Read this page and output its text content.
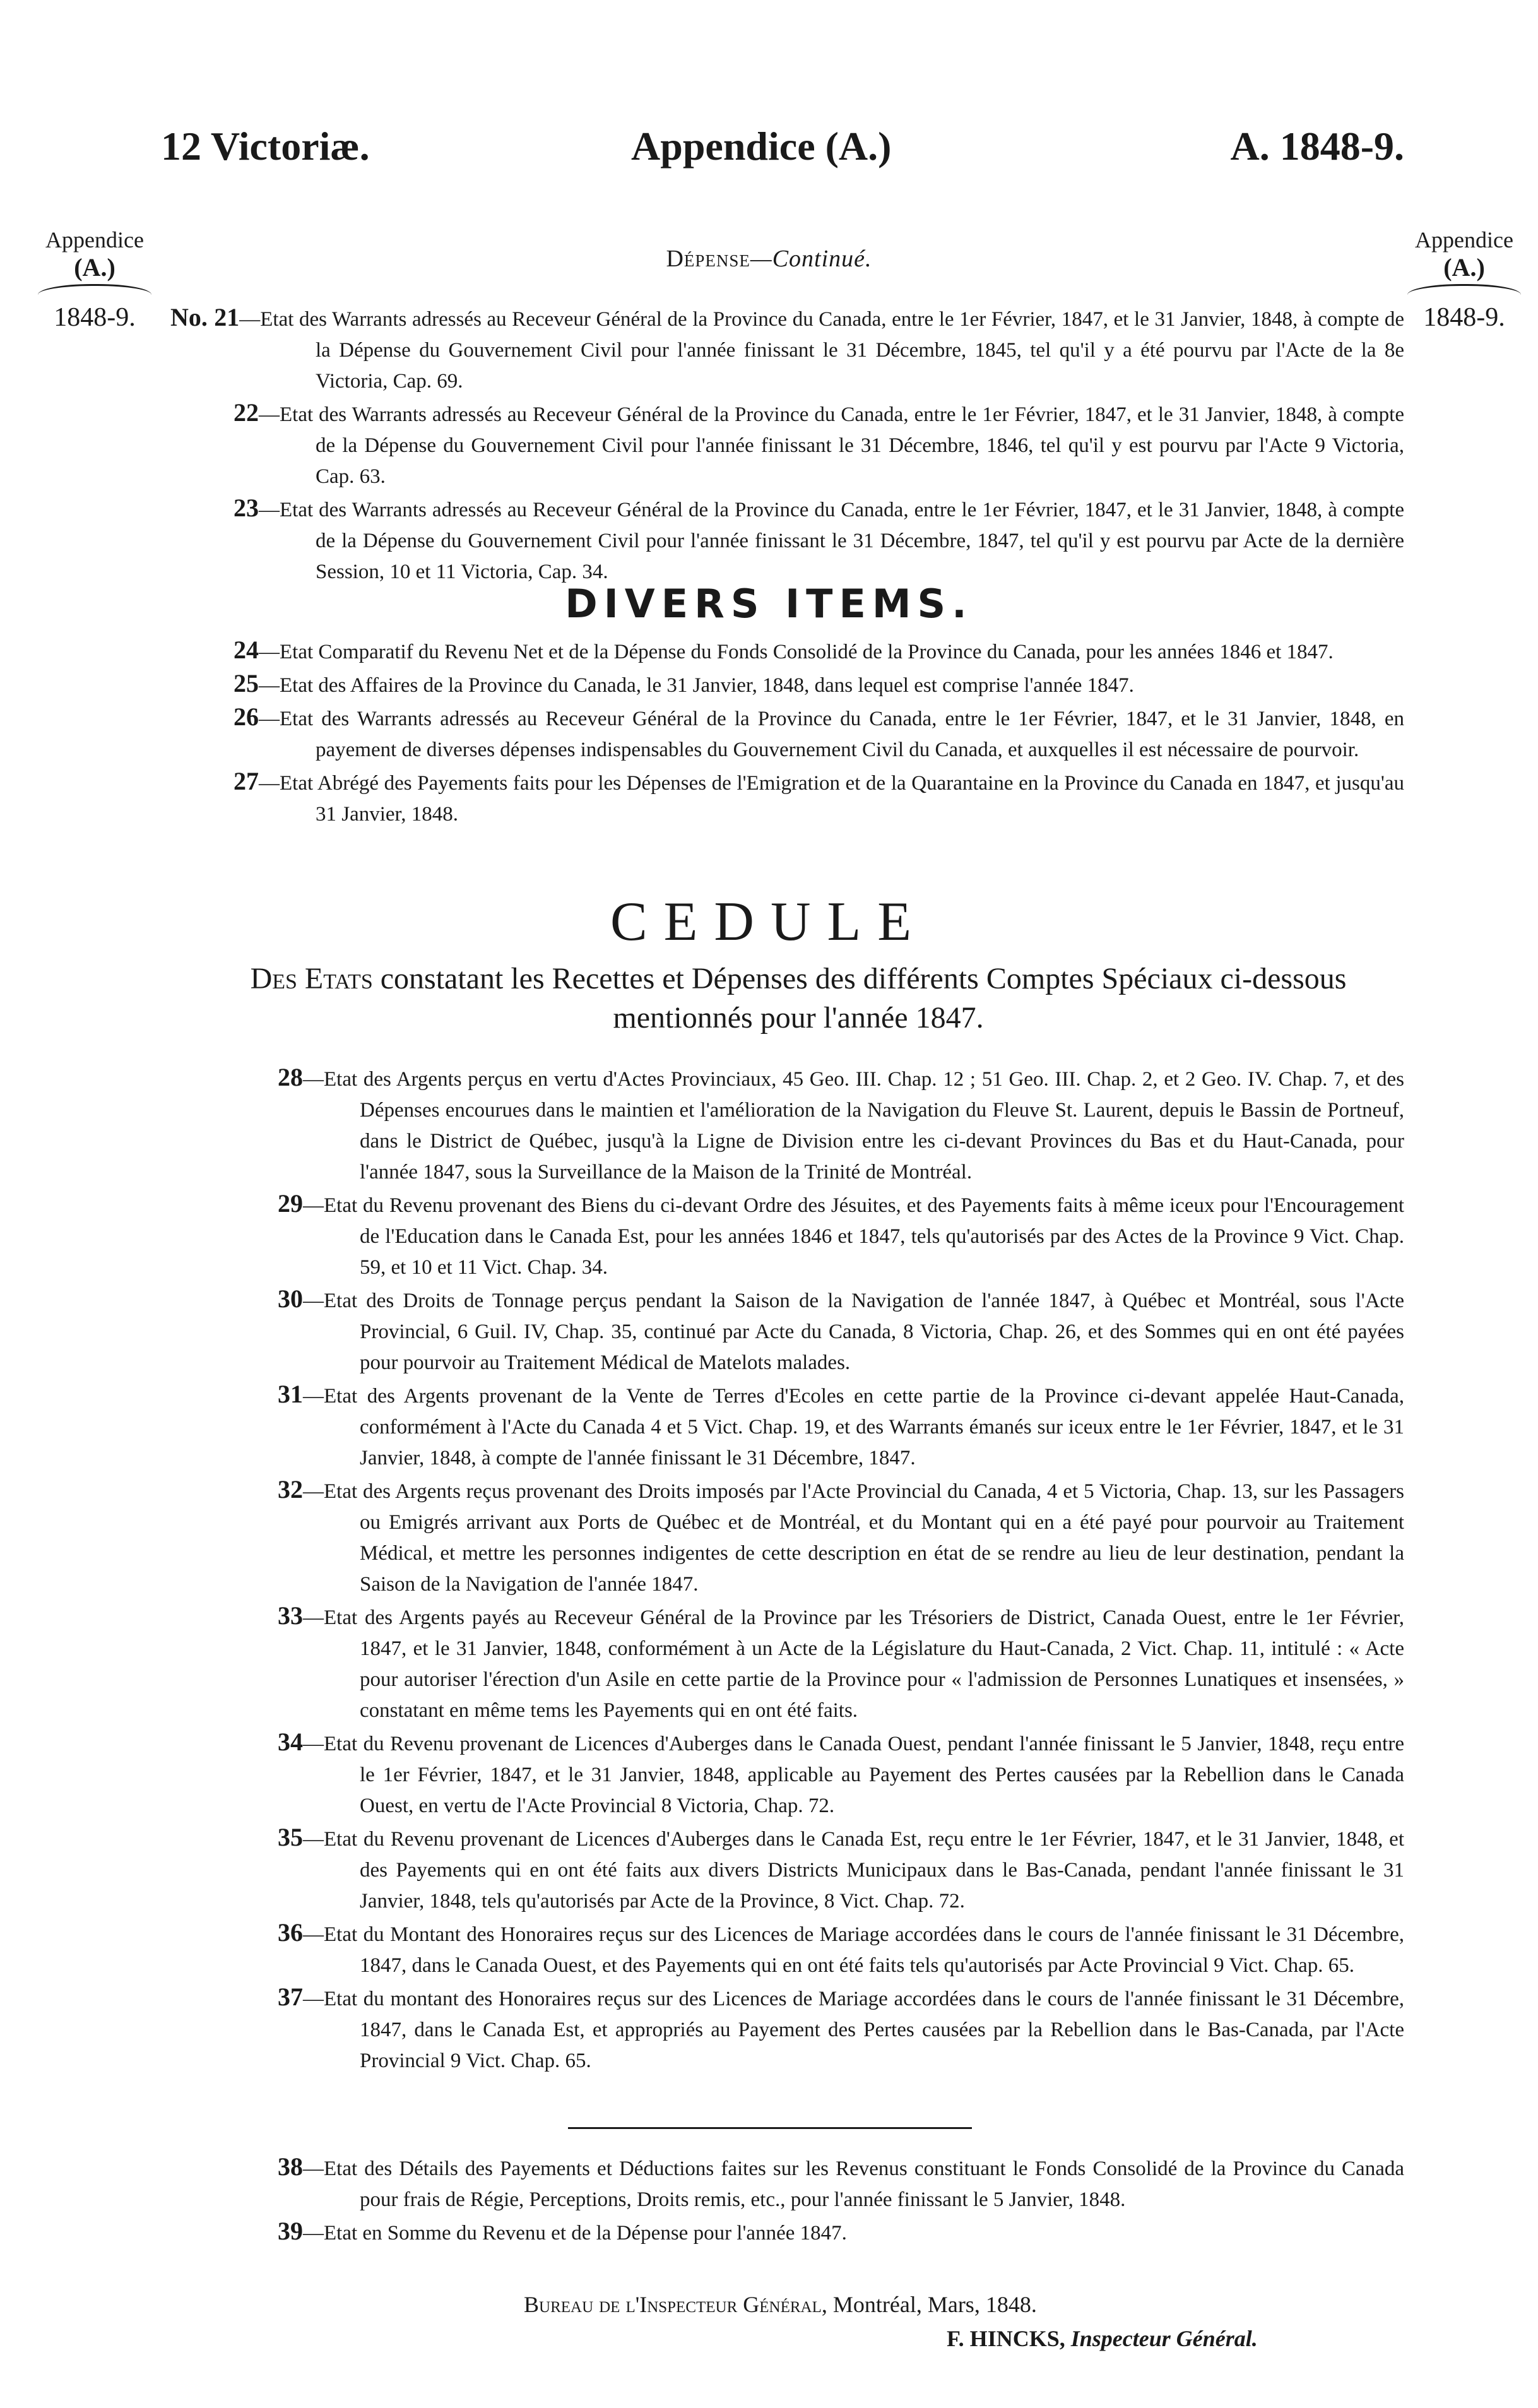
12 Victoriæ.	Appendice (A.)	A. 1848-9.
Appendice
(A.)
1848-9.
Appendice
(A.)
1848-9.
Dépense—Continué.

No. 21—Etat des Warrants adressés au Receveur Général de la Province du Canada, entre le 1er Février, 1847, et le 31 Janvier, 1848, à compte de la Dépense du Gouvernement Civil pour l'année finissant le 31 Décembre, 1845, tel qu'il y a été pourvu par l'Acte de la 8e Victoria, Cap. 69.

22—Etat des Warrants adressés au Receveur Général de la Province du Canada, entre le 1er Février, 1847, et le 31 Janvier, 1848, à compte de la Dépense du Gouvernement Civil pour l'année finissant le 31 Décembre, 1846, tel qu'il y est pourvu par l'Acte 9 Victoria, Cap. 63.

23—Etat des Warrants adressés au Receveur Général de la Province du Canada, entre le 1er Février, 1847, et le 31 Janvier, 1848, à compte de la Dépense du Gouvernement Civil pour l'année finissant le 31 Décembre, 1847, tel qu'il y est pourvu par Acte de la dernière Session, 10 et 11 Victoria, Cap. 34.

DIVERS ITEMS.

24—Etat Comparatif du Revenu Net et de la Dépense du Fonds Consolidé de la Province du Canada, pour les années 1846 et 1847.

25—Etat des Affaires de la Province du Canada, le 31 Janvier, 1848, dans lequel est comprise l'année 1847.

26—Etat des Warrants adressés au Receveur Général de la Province du Canada, entre le 1er Février, 1847, et le 31 Janvier, 1848, en payement de diverses dépenses indispensables du Gouvernement Civil du Canada, et auxquelles il est nécessaire de pourvoir.

27—Etat Abrégé des Payements faits pour les Dépenses de l'Emigration et de la Quarantaine en la Province du Canada en 1847, et jusqu'au 31 Janvier, 1848.

CEDULE
Des Etats constatant les Recettes et Dépenses des différents Comptes Spéciaux ci-dessous mentionnés pour l'année 1847.

28—Etat des Argents perçus en vertu d'Actes Provinciaux, 45 Geo. III. Chap. 12 ; 51 Geo. III. Chap. 2, et 2 Geo. IV. Chap. 7, et des Dépenses encourues dans le maintien et l'amélioration de la Navigation du Fleuve St. Laurent, depuis le Bassin de Portneuf, dans le District de Québec, jusqu'à la Ligne de Division entre les ci-devant Provinces du Bas et du Haut-Canada, pour l'année 1847, sous la Surveillance de la Maison de la Trinité de Montréal.

29—Etat du Revenu provenant des Biens du ci-devant Ordre des Jésuites, et des Payements faits à même iceux pour l'Encouragement de l'Education dans le Canada Est, pour les années 1846 et 1847, tels qu'autorisés par des Actes de la Province 9 Vict. Chap. 59, et 10 et 11 Vict. Chap. 34.

30—Etat des Droits de Tonnage perçus pendant la Saison de la Navigation de l'année 1847, à Québec et Montréal, sous l'Acte Provincial, 6 Guil. IV, Chap. 35, continué par Acte du Canada, 8 Victoria, Chap. 26, et des Sommes qui en ont été payées pour pourvoir au Traitement Médical de Matelots malades.

31—Etat des Argents provenant de la Vente de Terres d'Ecoles en cette partie de la Province ci-devant appelée Haut-Canada, conformément à l'Acte du Canada 4 et 5 Vict. Chap. 19, et des Warrants émanés sur iceux entre le 1er Février, 1847, et le 31 Janvier, 1848, à compte de l'année finissant le 31 Décembre, 1847.

32—Etat des Argents reçus provenant des Droits imposés par l'Acte Provincial du Canada, 4 et 5 Victoria, Chap. 13, sur les Passagers ou Emigrés arrivant aux Ports de Québec et de Montréal, et du Montant qui en a été payé pour pourvoir au Traitement Médical, et mettre les personnes indigentes de cette description en état de se rendre au lieu de leur destination, pendant la Saison de la Navigation de l'année 1847.

33—Etat des Argents payés au Receveur Général de la Province par les Trésoriers de District, Canada Ouest, entre le 1er Février, 1847, et le 31 Janvier, 1848, conformément à un Acte de la Législature du Haut-Canada, 2 Vict. Chap. 11, intitulé : « Acte pour autoriser l'érection d'un Asile en cette partie de la Province pour « l'admission de Personnes Lunatiques et insensées, » constatant en même tems les Payements qui en ont été faits.

34—Etat du Revenu provenant de Licences d'Auberges dans le Canada Ouest, pendant l'année finissant le 5 Janvier, 1848, reçu entre le 1er Février, 1847, et le 31 Janvier, 1848, applicable au Payement des Pertes causées par la Rebellion dans le Canada Ouest, en vertu de l'Acte Provincial 8 Victoria, Chap. 72.

35—Etat du Revenu provenant de Licences d'Auberges dans le Canada Est, reçu entre le 1er Février, 1847, et le 31 Janvier, 1848, et des Payements qui en ont été faits aux divers Districts Municipaux dans le Bas-Canada, pendant l'année finissant le 31 Janvier, 1848, tels qu'autorisés par Acte de la Province, 8 Vict. Chap. 72.

36—Etat du Montant des Honoraires reçus sur des Licences de Mariage accordées dans le cours de l'année finissant le 31 Décembre, 1847, dans le Canada Ouest, et des Payements qui en ont été faits tels qu'autorisés par Acte Provincial 9 Vict. Chap. 65.

37—Etat du montant des Honoraires reçus sur des Licences de Mariage accordées dans le cours de l'année finissant le 31 Décembre, 1847, dans le Canada Est, et appropriés au Payement des Pertes causées par la Rebellion dans le Bas-Canada, par l'Acte Provincial 9 Vict. Chap. 65.

38—Etat des Détails des Payements et Déductions faites sur les Revenus constituant le Fonds Consolidé de la Province du Canada pour frais de Régie, Perceptions, Droits remis, etc., pour l'année finissant le 5 Janvier, 1848.

39—Etat en Somme du Revenu et de la Dépense pour l'année 1847.

Bureau de l'Inspecteur Général, Montréal, Mars, 1848.
F. HINCKS, Inspecteur Général.
